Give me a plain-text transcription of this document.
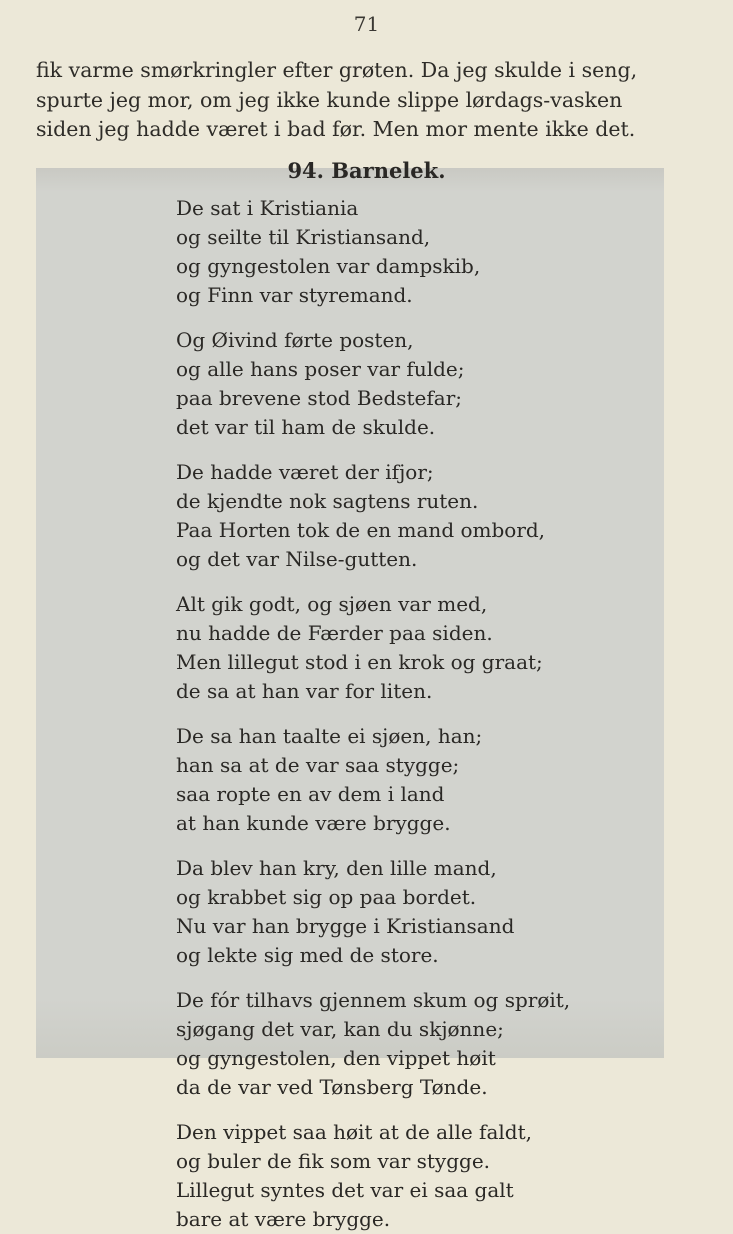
71
fik varme smørkringler efter grøten. Da jeg skulde i seng,
spurte jeg mor, om jeg ikke kunde slippe lørdags-vasken
siden jeg hadde været i bad før. Men mor mente ikke det.
94. Barnelek.
De sat i Kristiania
og seilte til Kristiansand,
og gyngestolen var dampskib,
og Finn var styremand.
Og Øivind førte posten,
og alle hans poser var fulde;
paa brevene stod Bedstefar;
det var til ham de skulde.
De hadde været der ifjor;
de kjendte nok sagtens ruten.
Paa Horten tok de en mand ombord,
og det var Nilse-gutten.
Alt gik godt, og sjøen var med,
nu hadde de Færder paa siden.
Men lillegut stod i en krok og graat;
de sa at han var for liten.
De sa han taalte ei sjøen, han;
han sa at de var saa stygge;
saa ropte en av dem i land
at han kunde være brygge.
Da blev han kry, den lille mand,
og krabbet sig op paa bordet.
Nu var han brygge i Kristiansand
og lekte sig med de store.
De fór tilhavs gjennem skum og sprøit,
sjøgang det var, kan du skjønne;
og gyngestolen, den vippet høit
da de var ved Tønsberg Tønde.
Den vippet saa høit at de alle faldt,
og buler de fik som var stygge.
Lillegut syntes det var ei saa galt
bare at være brygge.
